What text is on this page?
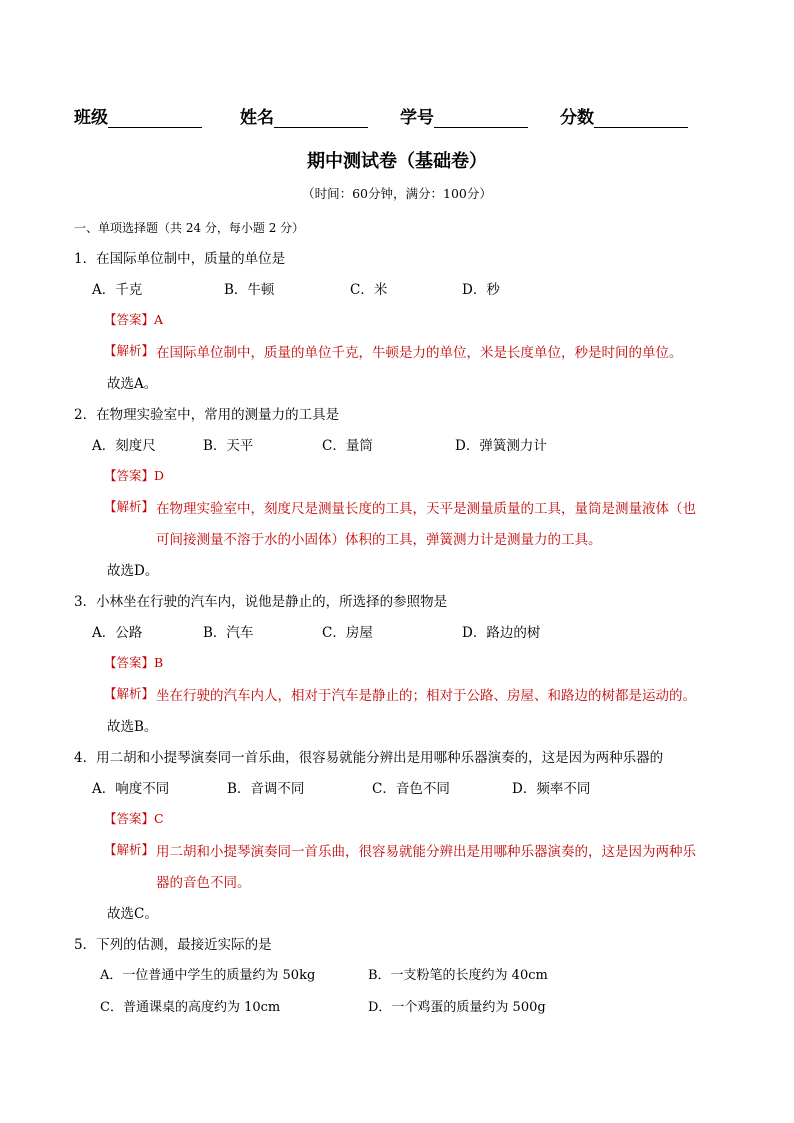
班级	姓名	学号	分数
期中测试卷（基础卷）
（时间：60分钟，满分：100分）
一、单项选择题（共 24 分，每小题 2 分）
1．在国际单位制中，质量的单位是
A．千克	B．牛顿	C．米	D．秒
【答案】A
【解析】 在国际单位制中，质量的单位千克，牛顿是力的单位，米是长度单位，秒是时间的单位。
故选A。
2．在物理实验室中，常用的测量力的工具是
A．刻度尺	B．天平	C．量筒	D．弹簧测力计
【答案】D
【解析】 在物理实验室中，刻度尺是测量长度的工具，天平是测量质量的工具，量筒是测量液体（也
可间接测量不溶于水的小固体）体积的工具，弹簧测力计是测量力的工具。
故选D。
3．小林坐在行驶的汽车内，说他是静止的，所选择的参照物是
A．公路	B．汽车	C．房屋	D．路边的树
【答案】B
【解析】 坐在行驶的汽车内人，相对于汽车是静止的；相对于公路、房屋、和路边的树都是运动的。
故选B。
4．用二胡和小提琴演奏同一首乐曲，很容易就能分辨出是用哪种乐器演奏的，这是因为两种乐器的
A．响度不同	B．音调不同	C．音色不同	D．频率不同
【答案】C
【解析】 用二胡和小提琴演奏同一首乐曲，很容易就能分辨出是用哪种乐器演奏的，这是因为两种乐
器的音色不同。
故选C。
5．下列的估测，最接近实际的是
A．一位普通中学生的质量约为 50kg	B．一支粉笔的长度约为 40cm
C．普通课桌的高度约为 10cm	D．一个鸡蛋的质量约为 500g
